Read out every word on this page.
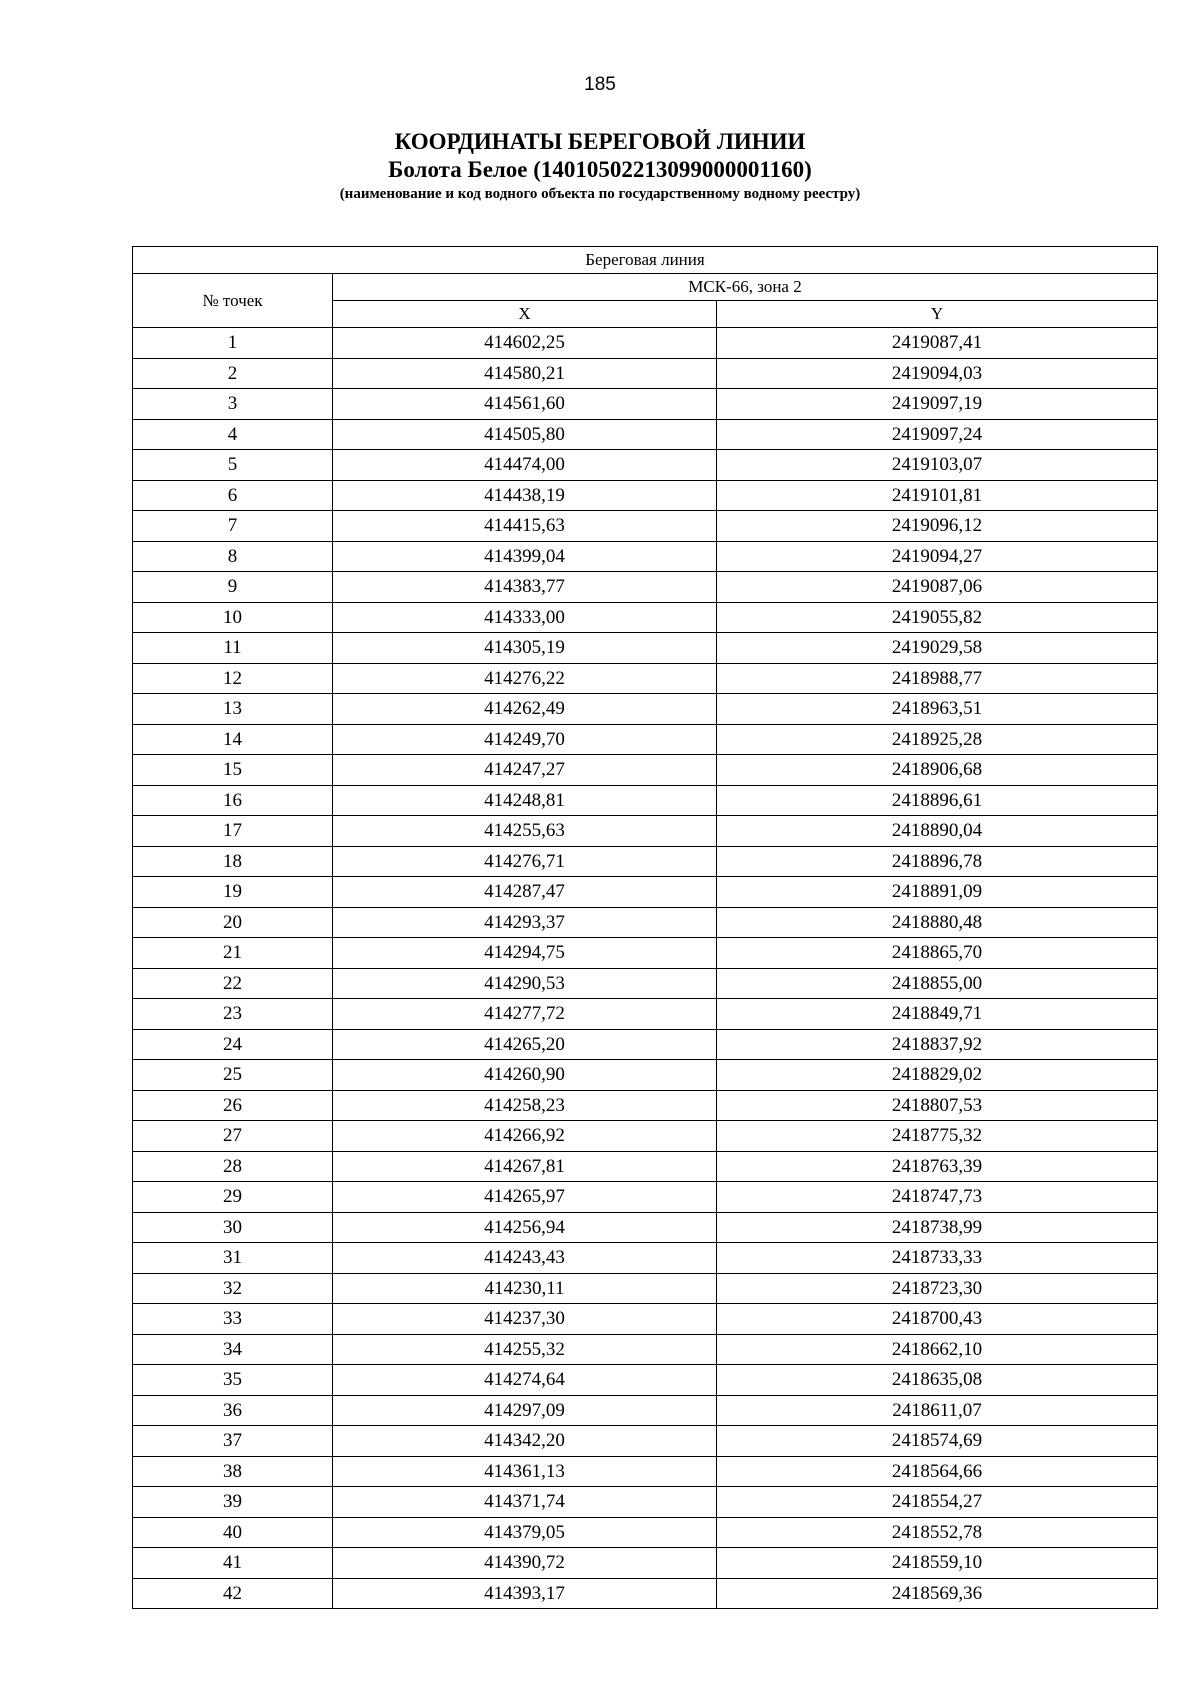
185
КООРДИНАТЫ БЕРЕГОВОЙ ЛИНИИ
Болота Белое (14010502213099000001160)
(наименование и код водного объекта по государственному водному реестру)
Береговая линия		
№ точек	МСК-66, зона 2	
	X	Y
1	414602,25	2419087,41
2	414580,21	2419094,03
3	414561,60	2419097,19
4	414505,80	2419097,24
5	414474,00	2419103,07
6	414438,19	2419101,81
7	414415,63	2419096,12
8	414399,04	2419094,27
9	414383,77	2419087,06
10	414333,00	2419055,82
11	414305,19	2419029,58
12	414276,22	2418988,77
13	414262,49	2418963,51
14	414249,70	2418925,28
15	414247,27	2418906,68
16	414248,81	2418896,61
17	414255,63	2418890,04
18	414276,71	2418896,78
19	414287,47	2418891,09
20	414293,37	2418880,48
21	414294,75	2418865,70
22	414290,53	2418855,00
23	414277,72	2418849,71
24	414265,20	2418837,92
25	414260,90	2418829,02
26	414258,23	2418807,53
27	414266,92	2418775,32
28	414267,81	2418763,39
29	414265,97	2418747,73
30	414256,94	2418738,99
31	414243,43	2418733,33
32	414230,11	2418723,30
33	414237,30	2418700,43
34	414255,32	2418662,10
35	414274,64	2418635,08
36	414297,09	2418611,07
37	414342,20	2418574,69
38	414361,13	2418564,66
39	414371,74	2418554,27
40	414379,05	2418552,78
41	414390,72	2418559,10
42	414393,17	2418569,36
